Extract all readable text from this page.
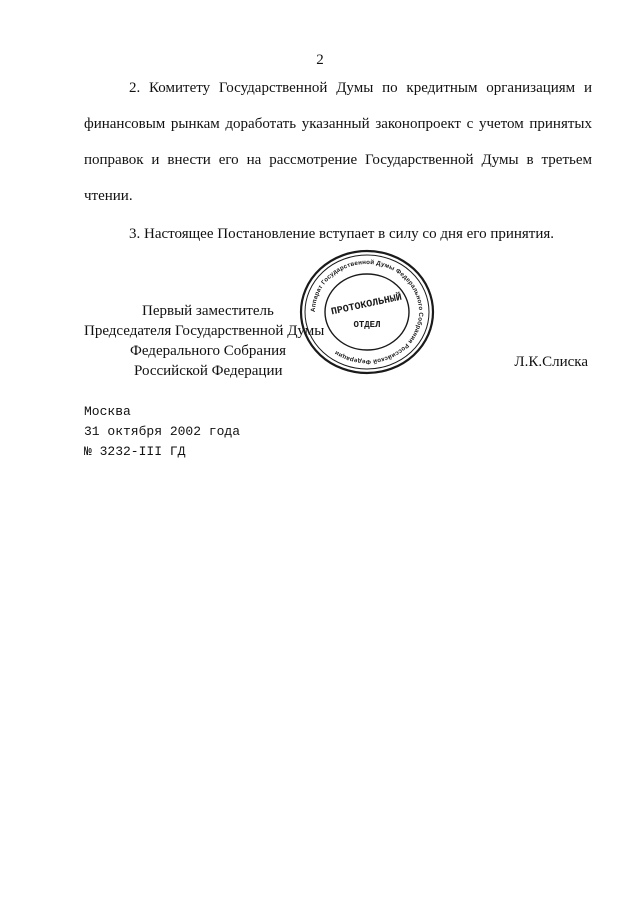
2

2. Комитету Государственной Думы по кредитным организациям и финансовым рынкам доработать указанный законопроект с учетом принятых поправок и внести его на рассмотрение Государственной Думы в третьем чтении.

3. Настоящее Постановление вступает в силу со дня его принятия.

Первый заместитель
Председателя Государственной Думы
Федерального Собрания
Российской Федерации
Аппарат Государственной Думы Федерального Собрания Российской Федерации
ПРОТОКОЛЬНЫЙ
ОТДЕЛ
Л.К.Слиска
Москва
31 октября 2002 года
№ 3232-III ГД
